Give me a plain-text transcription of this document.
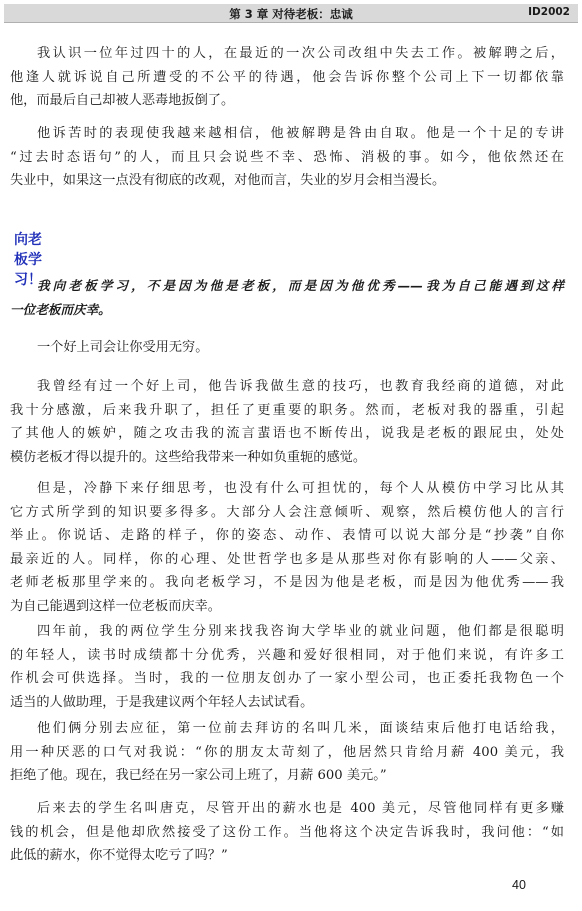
第 3 章 对待老板：忠诚	ID2002

我认识一位年过四十的人，在最近的一次公司改组中失去工作。被解聘之后，
他逢人就诉说自己所遭受的不公平的待遇，他会告诉你整个公司上下一切都依靠
他，而最后自己却被人恶毒地扳倒了。

他诉苦时的表现使我越来越相信，他被解聘是咎由自取。他是一个十足的专讲
“过去时态语句”的人，而且只会说些不幸、恐怖、消极的事。如今，他依然还在
失业中，如果这一点没有彻底的改观，对他而言，失业的岁月会相当漫长。

向老板学习！

我向老板学习，不是因为他是老板，而是因为他优秀——我为自己能遇到这样
一位老板而庆幸。

一个好上司会让你受用无穷。

我曾经有过一个好上司，他告诉我做生意的技巧，也教育我经商的道德，对此
我十分感激，后来我升职了，担任了更重要的职务。然而，老板对我的器重，引起
了其他人的嫉妒，随之攻击我的流言蜚语也不断传出，说我是老板的跟屁虫，处处
模仿老板才得以提升的。这些给我带来一种如负重轭的感觉。

但是，冷静下来仔细思考，也没有什么可担忧的，每个人从模仿中学习比从其
它方式所学到的知识要多得多。大部分人会注意倾听、观察，然后模仿他人的言行
举止。你说话、走路的样子，你的姿态、动作、表情可以说大部分是“抄袭”自你
最亲近的人。同样，你的心理、处世哲学也多是从那些对你有影响的人——父亲、
老师老板那里学来的。我向老板学习，不是因为他是老板，而是因为他优秀——我
为自己能遇到这样一位老板而庆幸。

四年前，我的两位学生分别来找我咨询大学毕业的就业问题，他们都是很聪明
的年轻人，读书时成绩都十分优秀，兴趣和爱好很相同，对于他们来说，有许多工
作机会可供选择。当时，我的一位朋友创办了一家小型公司，也正委托我物色一个
适当的人做助理，于是我建议两个年轻人去试试看。

他们俩分别去应征，第一位前去拜访的名叫几米，面谈结束后他打电话给我，
用一种厌恶的口气对我说：“你的朋友太苛刻了，他居然只肯给月薪 400 美元，我
拒绝了他。现在，我已经在另一家公司上班了，月薪 600 美元。”

后来去的学生名叫唐克，尽管开出的薪水也是 400 美元，尽管他同样有更多赚
钱的机会，但是他却欣然接受了这份工作。当他将这个决定告诉我时，我问他：“如
此低的薪水，你不觉得太吃亏了吗？”

40
